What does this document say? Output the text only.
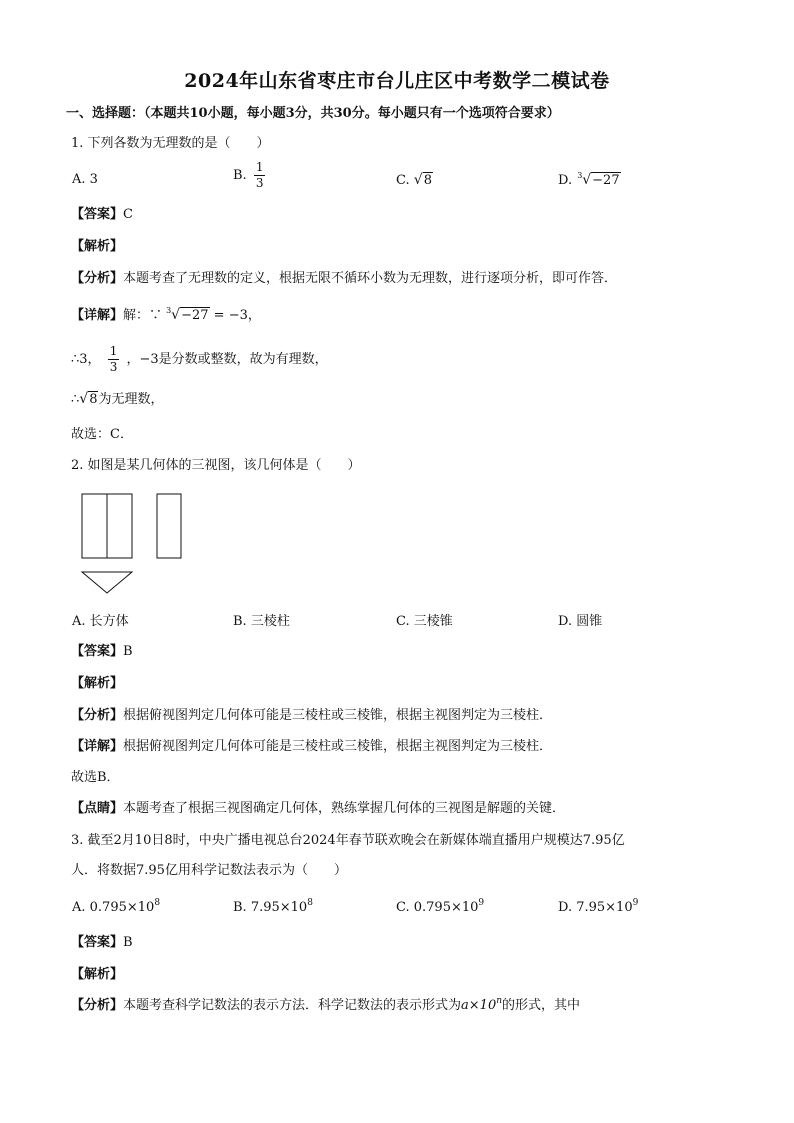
2024年山东省枣庄市台儿庄区中考数学二模试卷
一、选择题：（本题共10小题，每小题3分，共30分。每小题只有一个选项符合要求）
1. 下列各数为无理数的是（　　）
A. 3	B. $\frac{1}{3}$	C. √8	D. 3 √−27
【答案】C
【解析】
【分析】本题考查了无理数的定义，根据无限不循环小数为无理数，进行逐项分析，即可作答．
【详解】解：∵ 3 √−27 = −3，
∴3， $\frac{1}{3}$ ，−3是分数或整数，故为有理数，
∴√8为无理数，
故选：C．
2. 如图是某几何体的三视图，该几何体是（　　）
A. 长方体	B. 三棱柱	C. 三棱锥	D. 圆锥
【答案】B
【解析】
【分析】根据俯视图判定几何体可能是三棱柱或三棱锥，根据主视图判定为三棱柱．
【详解】根据俯视图判定几何体可能是三棱柱或三棱锥，根据主视图判定为三棱柱．
故选B．
【点睛】本题考查了根据三视图确定几何体，熟练掌握几何体的三视图是解题的关键．
3. 截至2月10日8时，中央广播电视总台2024年春节联欢晚会在新媒体端直播用户规模达7.95亿
人．将数据7.95亿用科学记数法表示为（　　）
A. $0.795\times 10^8$	B. $7.95\times 10^8$	C. $0.795\times 10^9$	D. $7.95\times 10^9$
【答案】B
【解析】
【分析】本题考查科学记数法的表示方法．科学记数法的表示形式为$a\times 10^n$的形式，其中
